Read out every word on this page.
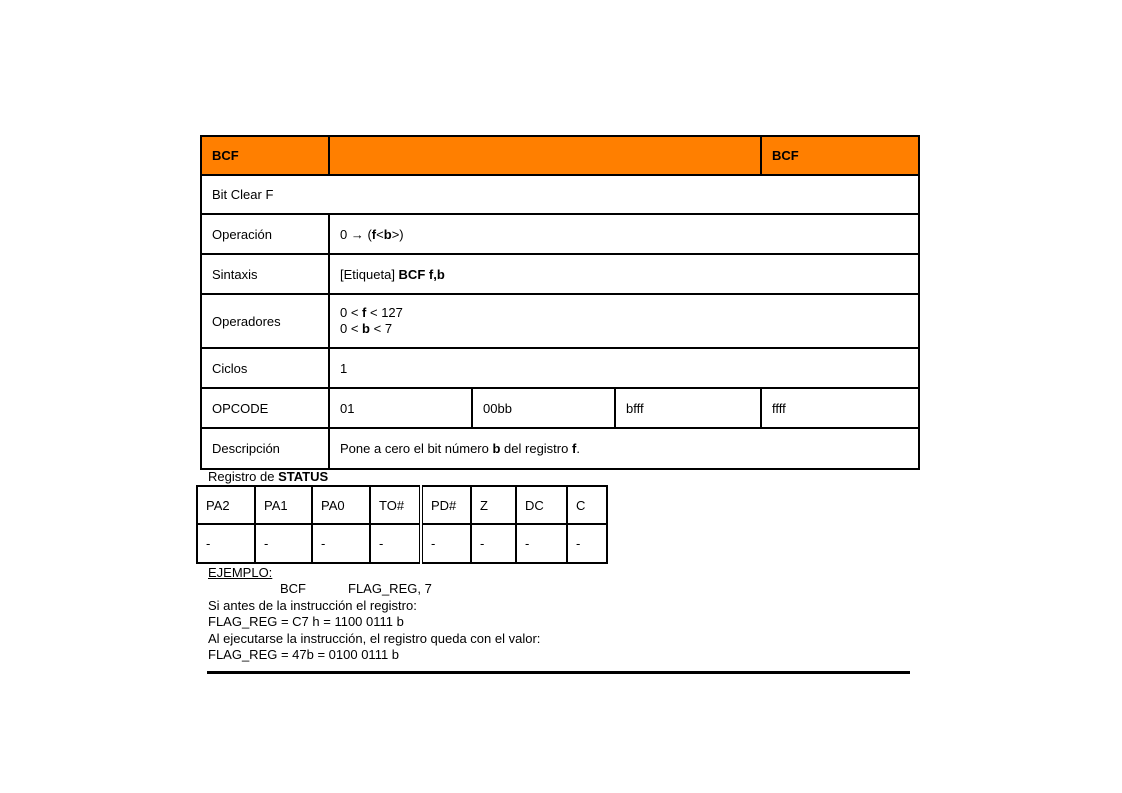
BCF				BCF
Bit Clear F				
Operación	0 → (f<b>)			
Sintaxis	[Etiqueta] BCF f,b			
Operadores	0 < f < 127
0 < b < 7			

Ciclos	1			
OPCODE	01	00bb	bfff	ffff
Descripción	Pone a cero el bit número b del registro f.			
Registro de STATUS
PA2	PA1	PA0	TO#	PD#	Z	DC	C
-	-	-	-	-	-	-	-
EJEMPLO:
BCF	FLAG_REG, 7
Si antes de la instrucción el registro:
FLAG_REG = C7 h = 1100 0111 b
Al ejecutarse la instrucción, el registro queda con el valor:
FLAG_REG = 47b = 0100 0111 b
